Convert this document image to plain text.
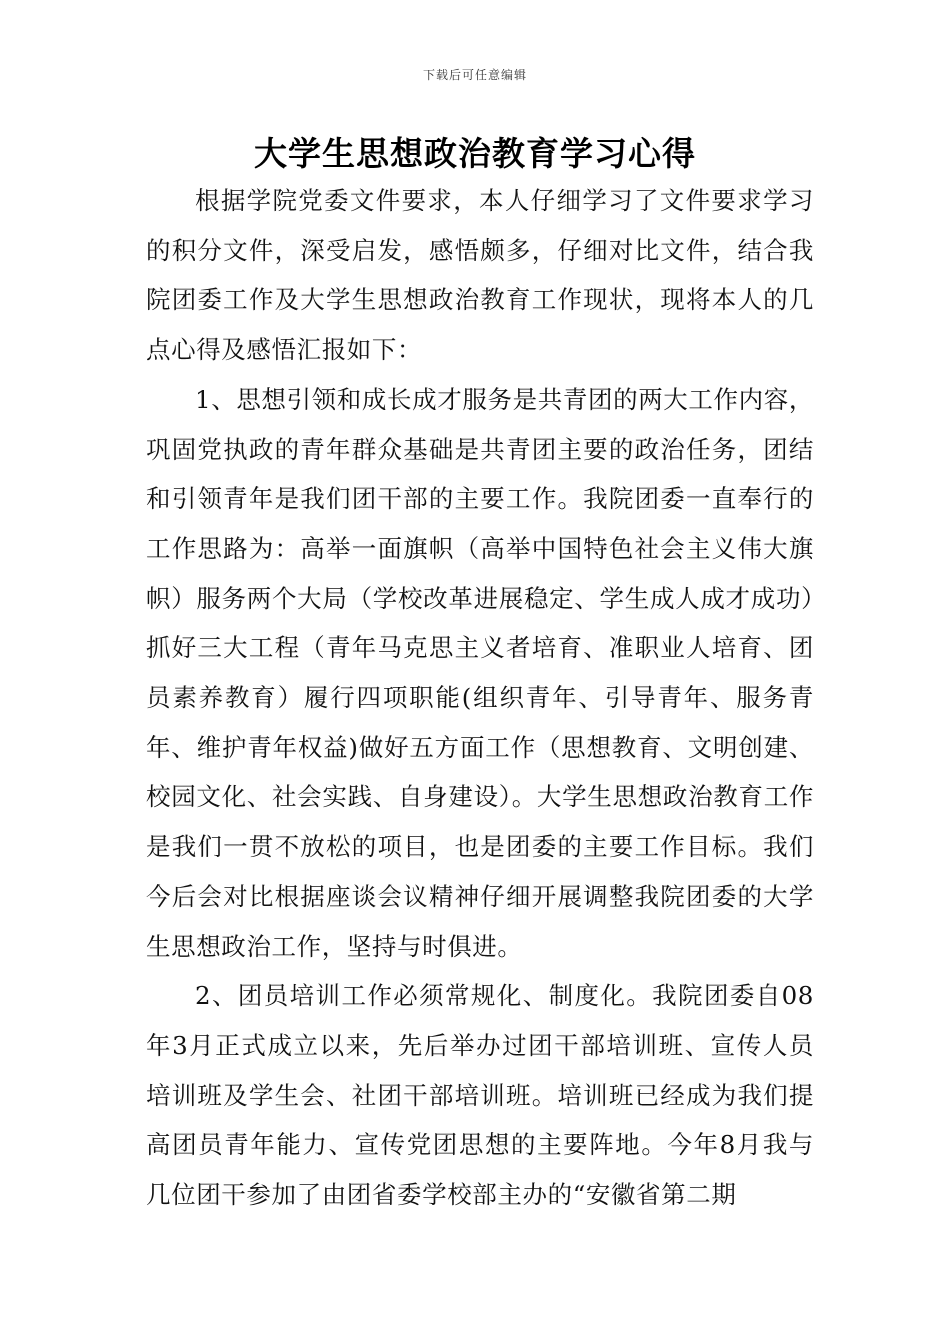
下载后可任意编辑
大学生思想政治教育学习心得

根据学院党委文件要求，本人仔细学习了文件要求学习的积分文件，深受启发，感悟颇多，仔细对比文件，结合我院团委工作及大学生思想政治教育工作现状，现将本人的几点心得及感悟汇报如下：

1、思想引领和成长成才服务是共青团的两大工作内容，巩固党执政的青年群众基础是共青团主要的政治任务，团结和引领青年是我们团干部的主要工作。我院团委一直奉行的工作思路为：高举一面旗帜（高举中国特色社会主义伟大旗帜）服务两个大局（学校改革进展稳定、学生成人成才成功）抓好三大工程（青年马克思主义者培育、准职业人培育、团员素养教育）履行四项职能(组织青年、引导青年、服务青年、维护青年权益)做好五方面工作（思想教育、文明创建、校园文化、社会实践、自身建设）。大学生思想政治教育工作是我们一贯不放松的项目，也是团委的主要工作目标。我们今后会对比根据座谈会议精神仔细开展调整我院团委的大学生思想政治工作，坚持与时俱进。

2、团员培训工作必须常规化、制度化。我院团委自08年3月正式成立以来，先后举办过团干部培训班、宣传人员培训班及学生会、社团干部培训班。培训班已经成为我们提高团员青年能力、宣传党团思想的主要阵地。今年8月我与几位团干参加了由团省委学校部主办的“安徽省第二期
